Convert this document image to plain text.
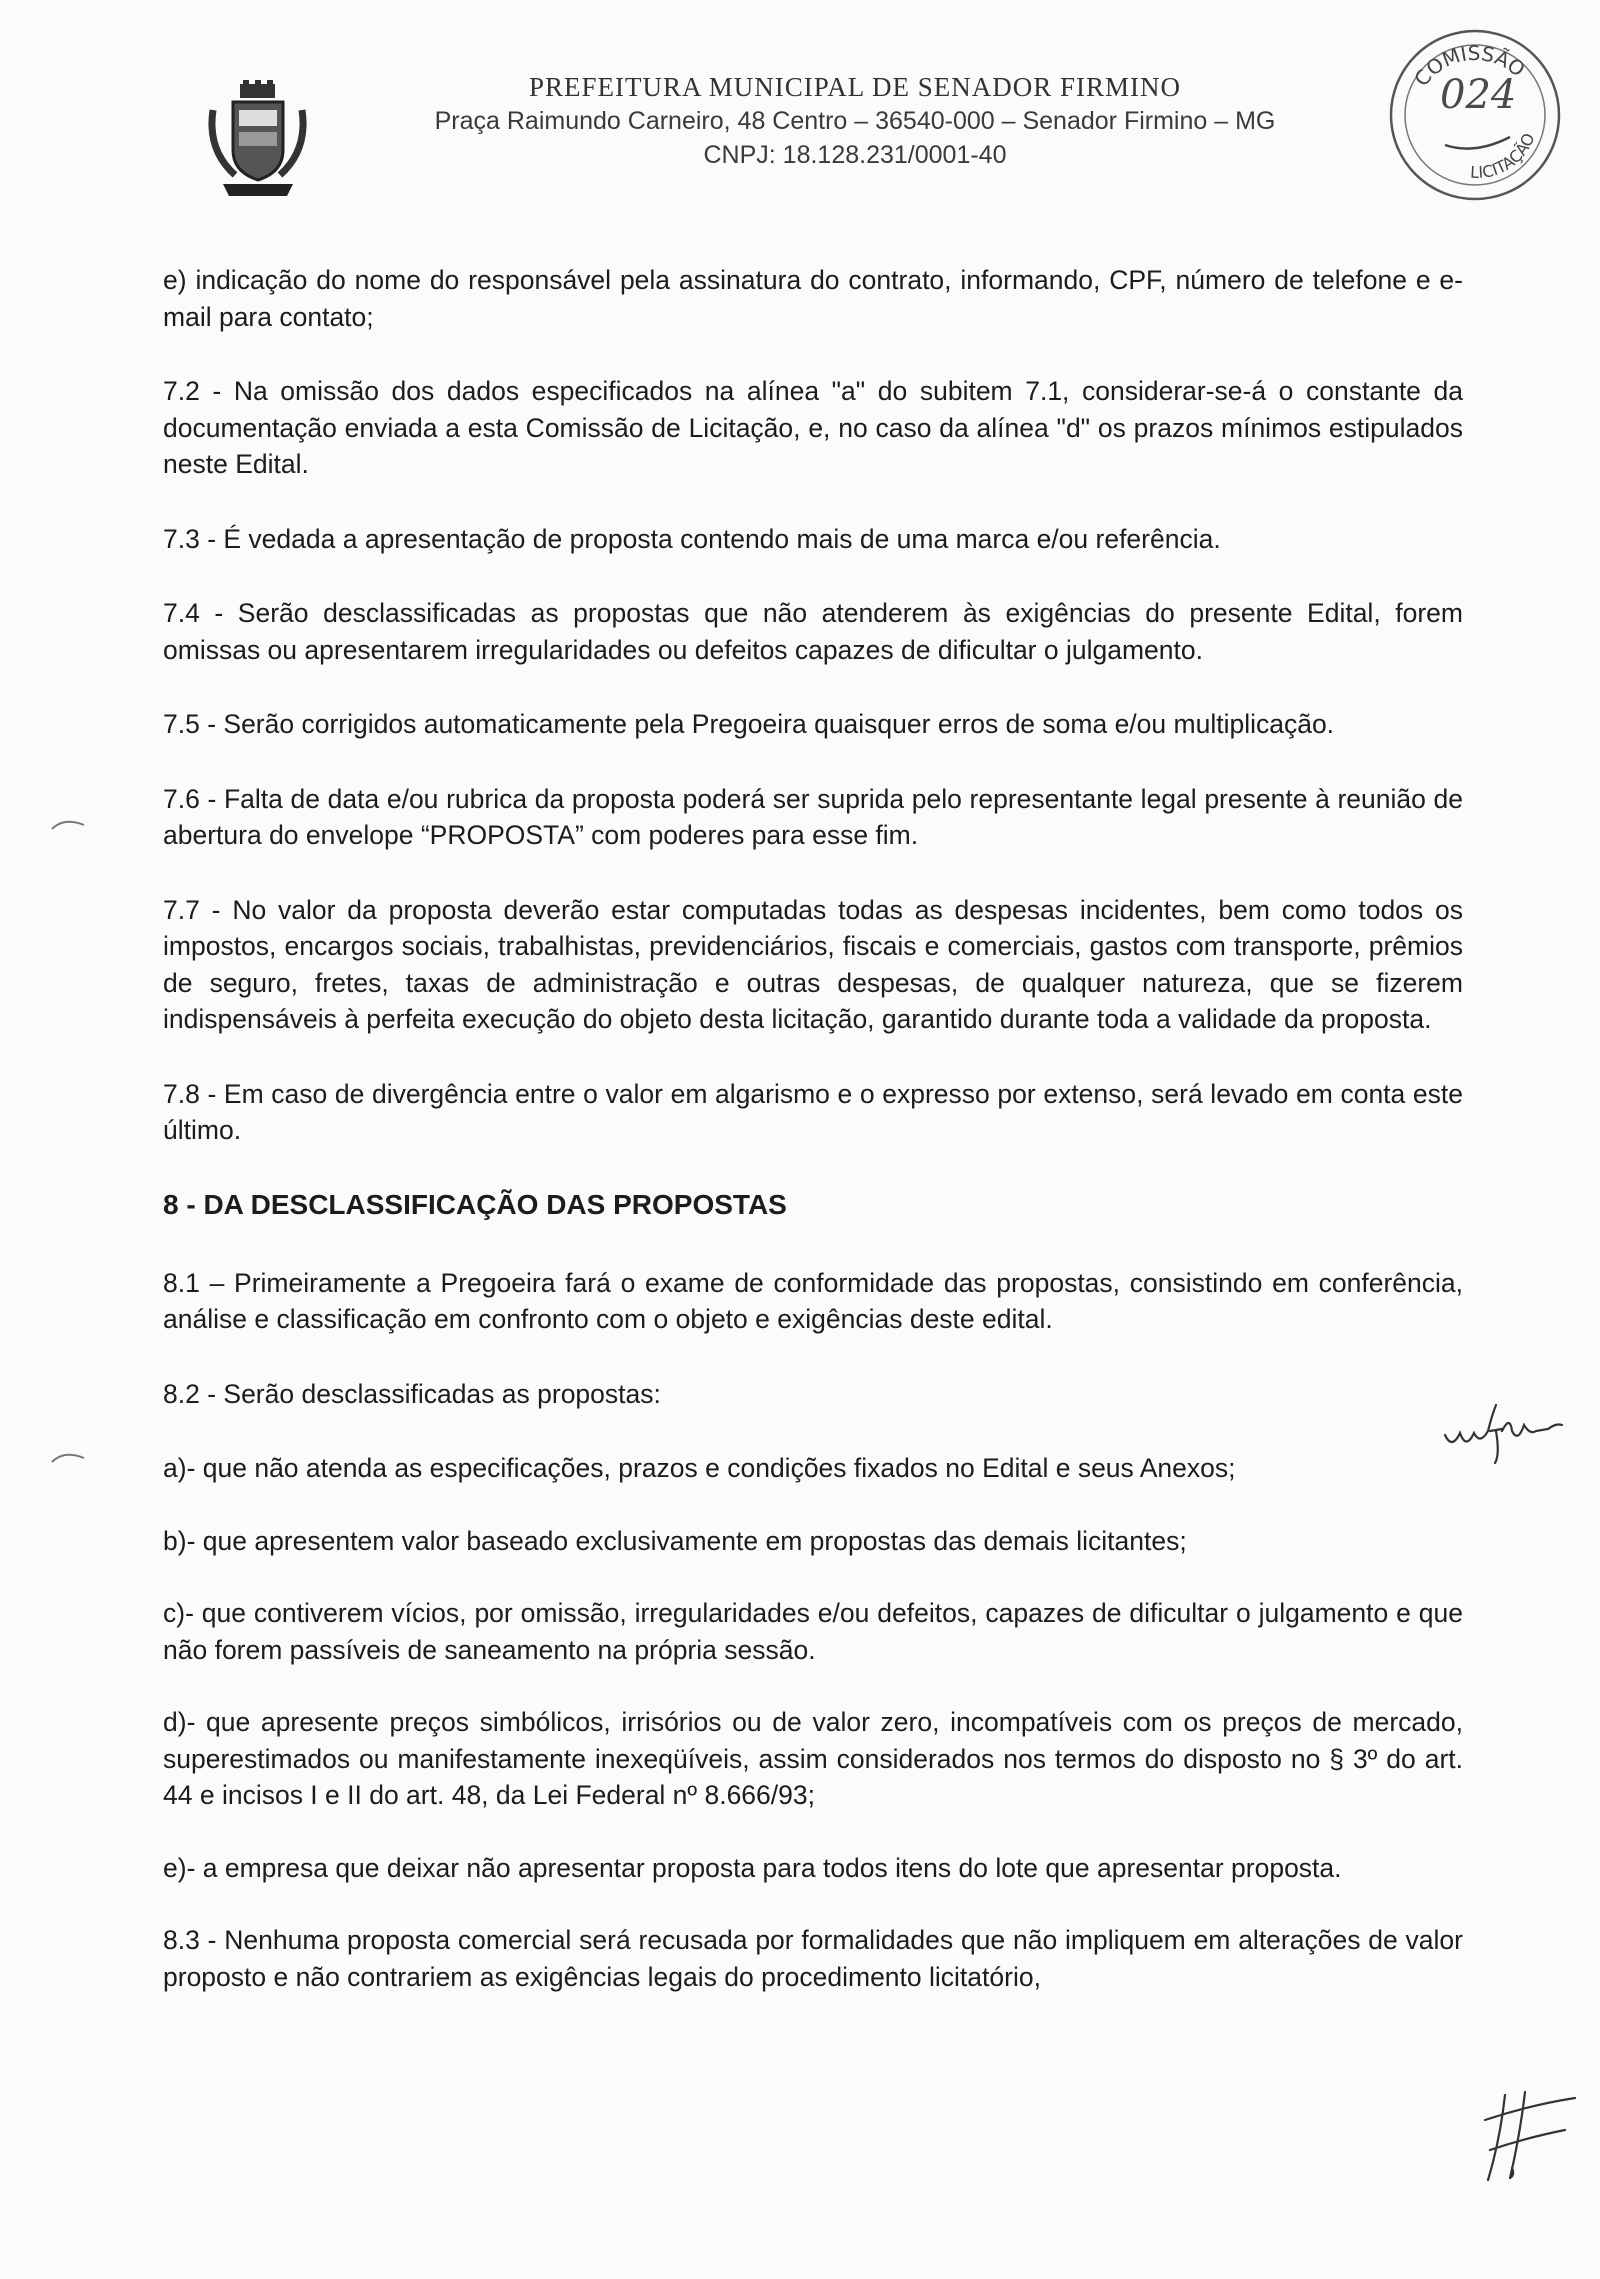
PREFEITURA MUNICIPAL DE SENADOR FIRMINO
Praça Raimundo Carneiro, 48 Centro – 36540-000 – Senador Firmino – MG
CNPJ: 18.128.231/0001-40
COMISSÃO
LICITAÇÃO
024

e) indicação do nome do responsável pela assinatura do contrato, informando, CPF, número de telefone e e-mail para contato;

7.2 - Na omissão dos dados especificados na alínea "a" do subitem 7.1, considerar-se-á o constante da documentação enviada a esta Comissão de Licitação, e, no caso da alínea "d" os prazos mínimos estipulados neste Edital.

7.3 - É vedada a apresentação de proposta contendo mais de uma marca e/ou referência.

7.4 - Serão desclassificadas as propostas que não atenderem às exigências do presente Edital, forem omissas ou apresentarem irregularidades ou defeitos capazes de dificultar o julgamento.

7.5 - Serão corrigidos automaticamente pela Pregoeira quaisquer erros de soma e/ou multiplicação.

7.6 - Falta de data e/ou rubrica da proposta poderá ser suprida pelo representante legal presente à reunião de abertura do envelope “PROPOSTA” com poderes para esse fim.

7.7 - No valor da proposta deverão estar computadas todas as despesas incidentes, bem como todos os impostos, encargos sociais, trabalhistas, previdenciários, fiscais e comerciais, gastos com transporte, prêmios de seguro, fretes, taxas de administração e outras despesas, de qualquer natureza, que se fizerem indispensáveis à perfeita execução do objeto desta licitação, garantido durante toda a validade da proposta.

7.8 - Em caso de divergência entre o valor em algarismo e o expresso por extenso, será levado em conta este último.

8 - DA DESCLASSIFICAÇÃO DAS PROPOSTAS

8.1 – Primeiramente a Pregoeira fará o exame de conformidade das propostas, consistindo em conferência, análise e classificação em confronto com o objeto e exigências deste edital.

8.2 - Serão desclassificadas as propostas:

a)- que não atenda as especificações, prazos e condições fixados no Edital e seus Anexos;

b)- que apresentem valor baseado exclusivamente em propostas das demais licitantes;

c)- que contiverem vícios, por omissão, irregularidades e/ou defeitos, capazes de dificultar o julgamento e que não forem passíveis de saneamento na própria sessão.

d)- que apresente preços simbólicos, irrisórios ou de valor zero, incompatíveis com os preços de mercado, superestimados ou manifestamente inexeqüíveis, assim considerados nos termos do disposto no § 3º do art. 44 e incisos I e II do art. 48, da Lei Federal nº 8.666/93;

e)- a empresa que deixar não apresentar proposta para todos itens do lote que apresentar proposta.

8.3 - Nenhuma proposta comercial será recusada por formalidades que não impliquem em alterações de valor proposto e não contrariem as exigências legais do procedimento licitatório,
